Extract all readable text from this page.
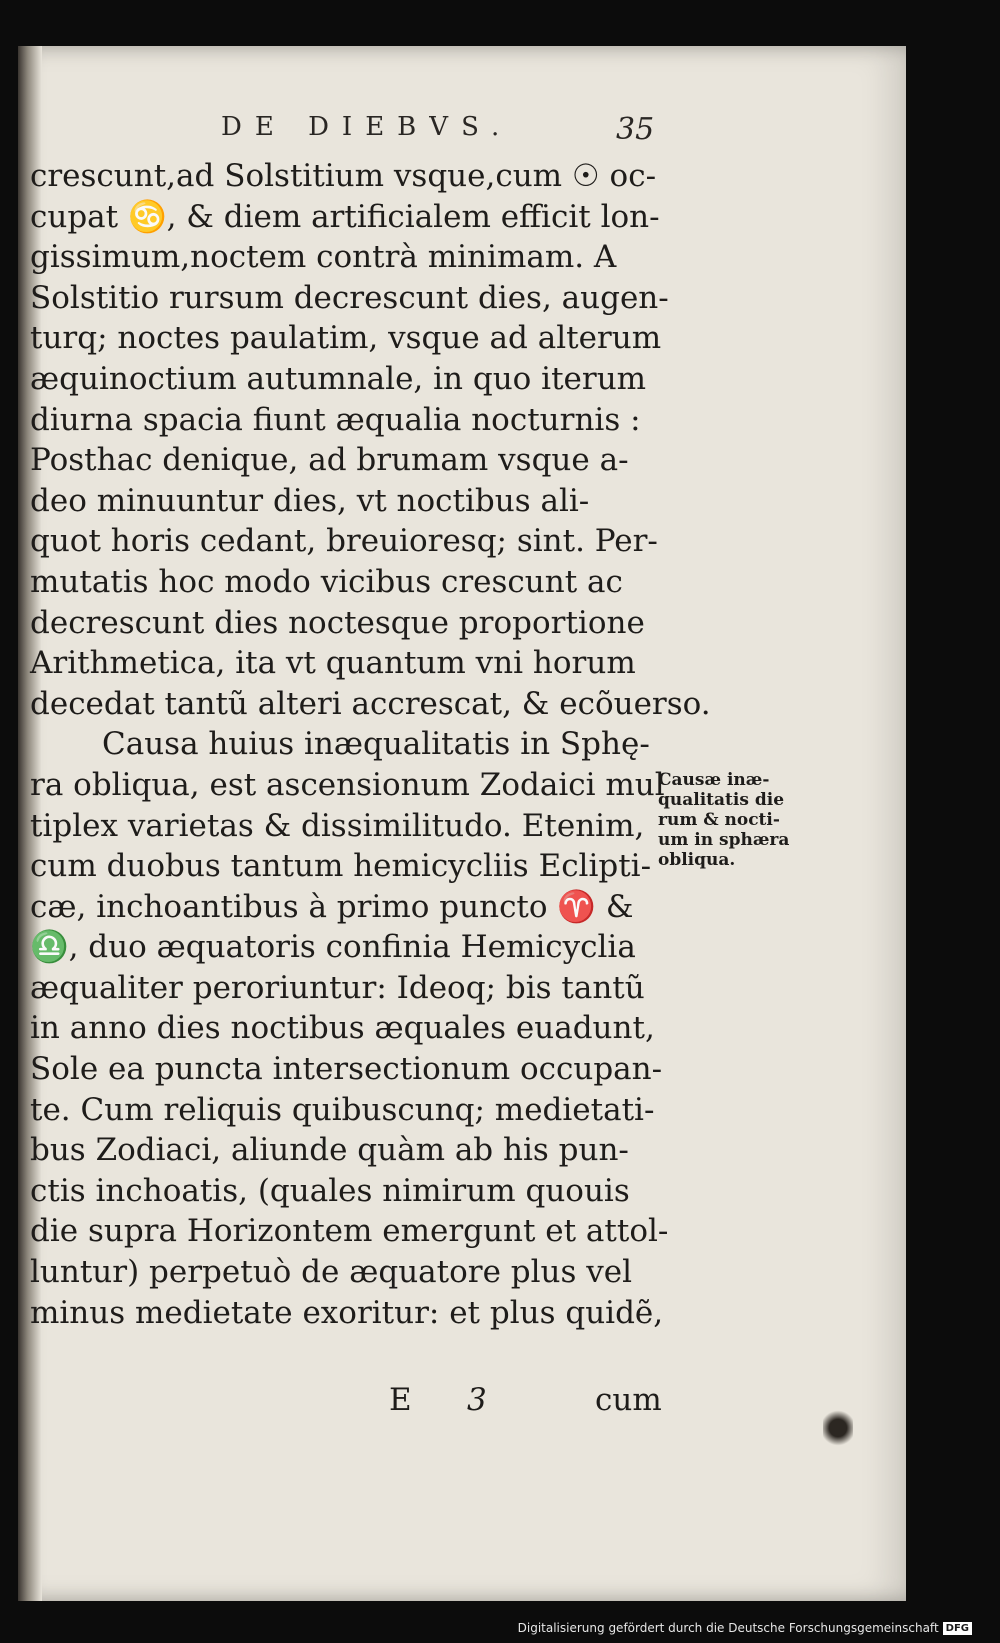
DE DIEBVS.	35
crescunt,ad Solstitium vsque,cum ☉ oc-
cupat ♋, & diem artificialem efficit lon-
gissimum,noctem contrà minimam. A
Solstitio rursum decrescunt dies, augen-
turq; noctes paulatim, vsque ad alterum
æquinoctium autumnale, in quo iterum
diurna spacia fiunt æqualia nocturnis :
Posthac denique, ad brumam vsque a-
deo minuuntur dies, vt noctibus ali-
quot horis cedant, breuioresq; sint. Per-
mutatis hoc modo vicibus crescunt ac
decrescunt dies noctesque proportione
Arithmetica, ita vt quantum vni horum
decedat tantũ alteri accrescat, & ecõuerso.
Causa huius inæqualitatis in Sphę-
ra obliqua, est ascensionum Zodaici mul
tiplex varietas & dissimilitudo. Etenim,
cum duobus tantum hemicycliis Eclipti-
cæ, inchoantibus à primo puncto ♈ &
♎, duo æquatoris confinia Hemicyclia
æqualiter peroriuntur: Ideoq; bis tantũ
in anno dies noctibus æquales euadunt,
Sole ea puncta intersectionum occupan-
te. Cum reliquis quibuscunq; medietati-
bus Zodiaci, aliunde quàm ab his pun-
ctis inchoatis, (quales nimirum quouis
die supra Horizontem emergunt et attol-
luntur) perpetuò de æquatore plus vel
minus medietate exoritur: et plus quidẽ,
Causæ inæ-
qualitatis die
rum & nocti-
um in sphæra
obliqua.
E 3	cum
Digitalisierung gefördert durch die Deutsche Forschungsgemeinschaft DFG
